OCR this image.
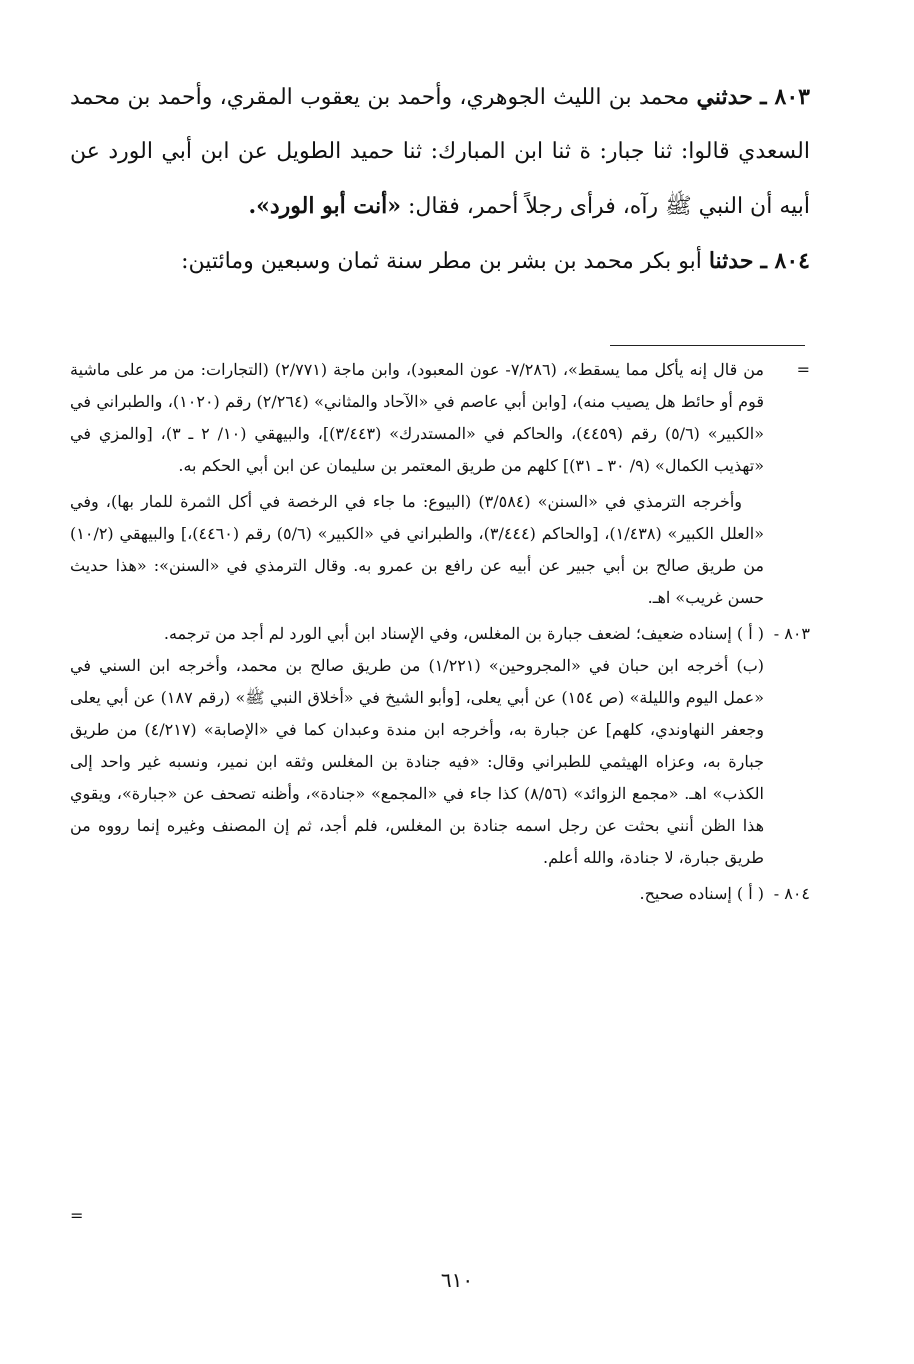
٨٠٣ ـ حدثني محمد بن الليث الجوهري، وأحمد بن يعقوب المقري، وأحمد بن محمد السعدي قالوا: ثنا جبار: ة ثنا ابن المبارك: ثنا حميد الطويل عن ابن أبي الورد عن أبيه أن النبي ﷺ رآه، فرأى رجلاً أحمر، فقال: «أنت أبو الورد».

٨٠٤ ـ حدثنا أبو بكر محمد بن بشر بن مطر سنة ثمان وسبعين ومائتين:

=

من قال إنه يأكل مما يسقط»، (٧/٢٨٦- عون المعبود)، وابن ماجة (٢/٧٧١) (التجارات: من مر على ماشية قوم أو حائط هل يصيب منه)، [وابن أبي عاصم في «الآحاد والمثاني» (٢/٢٦٤) رقم (١٠٢٠)، والطبراني في «الكبير» (٥/٦) رقم (٤٤٥٩)، والحاكم في «المستدرك» (٣/٤٤٣)]، والبيهقي (١٠/ ٢ ـ ٣)، [والمزي في «تهذيب الكمال» (٩/ ٣٠ ـ ٣١)] كلهم من طريق المعتمر بن سليمان عن ابن أبي الحكم به.

وأخرجه الترمذي في «السنن» (٣/٥٨٤) (البيوع: ما جاء في الرخصة في أكل الثمرة للمار بها)، وفي «العلل الكبير» (١/٤٣٨)، [والحاكم (٣/٤٤٤)، والطبراني في «الكبير» (٥/٦) رقم (٤٤٦٠)،] والبيهقي (١٠/٢) من طريق صالح بن أبي جبير عن أبيه عن رافع بن عمرو به. وقال الترمذي في «السنن»: «هذا حديث حسن غريب» اهـ.

٨٠٣ -

( أ ) إسناده ضعيف؛ لضعف جبارة بن المغلس، وفي الإسناد ابن أبي الورد لم أجد من ترجمه.

(ب) أخرجه ابن حبان في «المجروحين» (١/٢٢١) من طريق صالح بن محمد، وأخرجه ابن السني في «عمل اليوم والليلة» (ص ١٥٤) عن أبي يعلى، [وأبو الشيخ في «أخلاق النبي ﷺ» (رقم ١٨٧) عن أبي يعلى وجعفر النهاوندي، كلهم] عن جبارة به، وأخرجه ابن مندة وعبدان كما في «الإصابة» (٤/٢١٧) من طريق جبارة به، وعزاه الهيثمي للطبراني وقال: «فيه جنادة بن المغلس وثقه ابن نمير، ونسبه غير واحد إلى الكذب» اهـ. «مجمع الزوائد» (٨/٥٦) كذا جاء في «المجمع» «جنادة»، وأظنه تصحف عن «جبارة»، ويقوي هذا الظن أنني بحثت عن رجل اسمه جنادة بن المغلس، فلم أجد، ثم إن المصنف وغيره إنما رووه من طريق جبارة، لا جنادة، والله أعلم.

٨٠٤ -

( أ ) إسناده صحيح.

=
٦١٠
